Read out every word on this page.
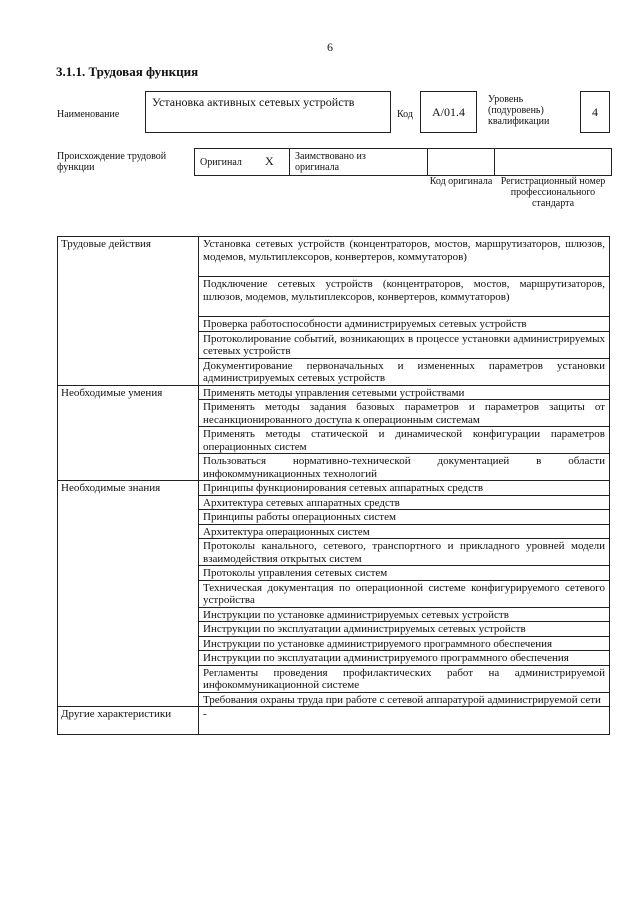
6
3.1.1. Трудовая функция
Наименование
Установка активных сетевых устройств
Код	A/01.4
Уровень (подуровень) квалификации
4
Происхождение трудовой функции	Оригинал X Заимствовано из оригинала
Код оригинала Регистрационный номер профессионального стандарта
Трудовые действия	Установка сетевых устройств (концентраторов, мостов, маршрутизаторов, шлюзов, модемов, мультиплексоров, конвертеров, коммутаторов)
	Подключение сетевых устройств (концентраторов, мостов, маршрутизаторов, шлюзов, модемов, мультиплексоров, конвертеров, коммутаторов)
	Проверка работоспособности администрируемых сетевых устройств
	Протоколирование событий, возникающих в процессе установки администрируемых сетевых устройств
	Документирование первоначальных и измененных параметров установки администрируемых сетевых устройств
Необходимые умения	Применять методы управления сетевыми устройствами
	Применять методы задания базовых параметров и параметров защиты от несанкционированного доступа к операционным системам
	Применять методы статической и динамической конфигурации параметров операционных систем
	Пользоваться нормативно-технической документацией в области инфокоммуникационных технологий
Необходимые знания	Принципы функционирования сетевых аппаратных средств
	Архитектура сетевых аппаратных средств
	Принципы работы операционных систем
	Архитектура операционных систем
	Протоколы канального, сетевого, транспортного и прикладного уровней модели взаимодействия открытых систем
	Протоколы управления сетевых систем
	Техническая документация по операционной системе конфигурируемого сетевого устройства
	Инструкции по установке администрируемых сетевых устройств
	Инструкции по эксплуатации администрируемых сетевых устройств
	Инструкции по установке администрируемого программного обеспечения
	Инструкции по эксплуатации администрируемого программного обеспечения
	Регламенты проведения профилактических работ на администрируемой инфокоммуникационной системе
	Требования охраны труда при работе с сетевой аппаратурой администрируемой сети
Другие характеристики	-
